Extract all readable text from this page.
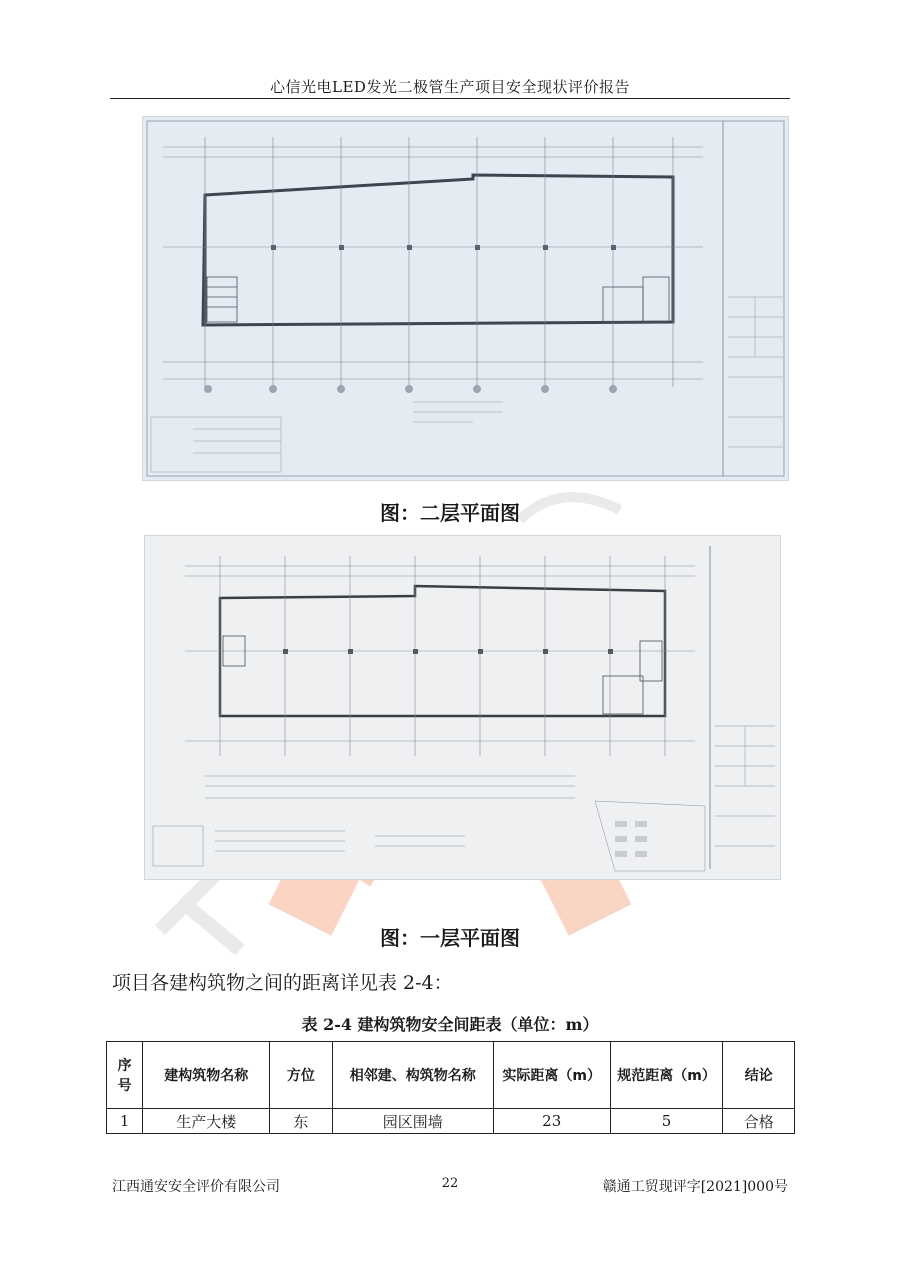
心信光电LED发光二极管生产项目安全现状评价报告
图：二层平面图
图：一层平面图
项目各建构筑物之间的距离详见表 2-4：
表 2-4 建构筑物安全间距表（单位：m）
序号	建构筑物名称	方位	相邻建、构筑物名称	实际距离（m）	规范距离（m）	结论
1	生产大楼	东	园区围墙	23	5	合格
江西通安安全评价有限公司	22	赣通工贸现评字[2021]000号
